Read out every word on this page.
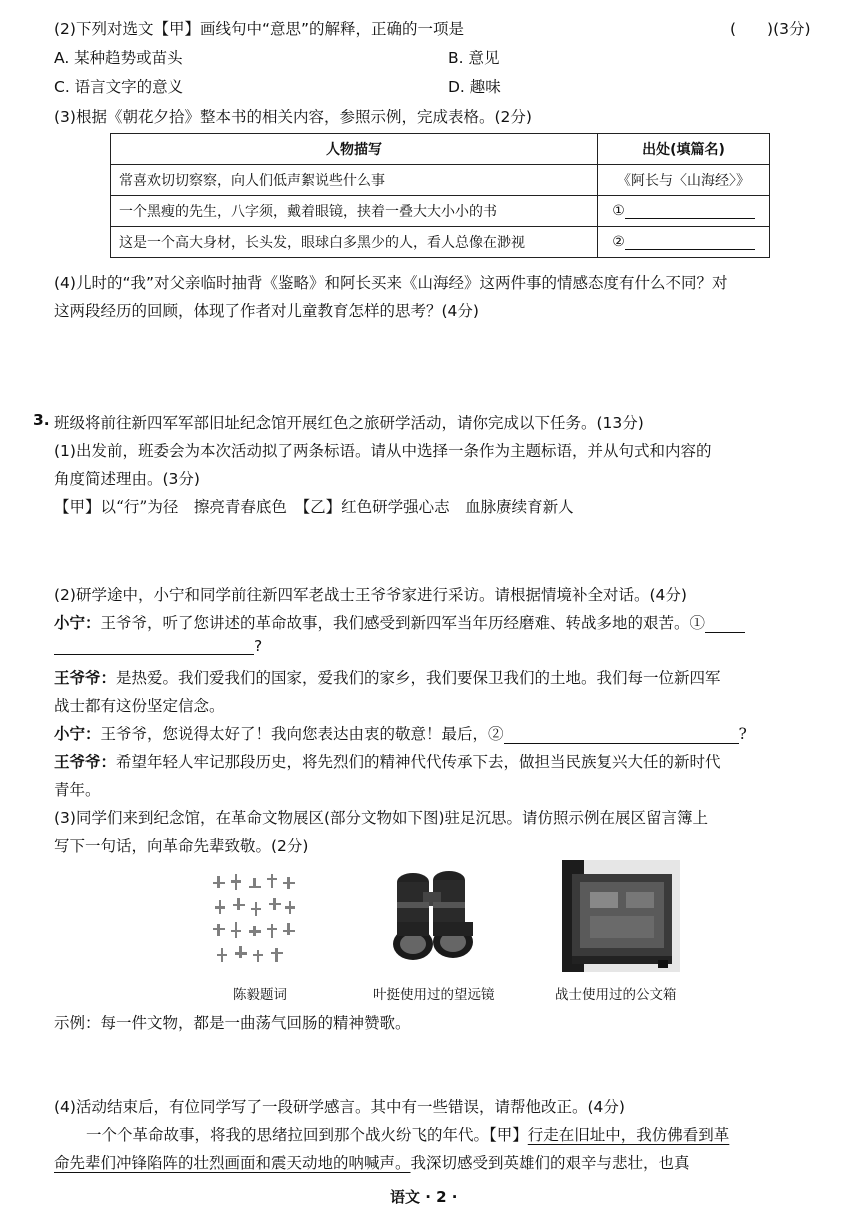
(2)下列对选文【甲】画线句中“意思”的解释，正确的一项是	(　　)(3分)
A. 某种趋势或苗头	B. 意见
C. 语言文字的意义	D. 趣味
(3)根据《朝花夕拾》整本书的相关内容，参照示例，完成表格。(2分)
人物描写	出处(填篇名)
常喜欢切切察察，向人们低声絮说些什么事	《阿长与〈山海经〉》
一个黑瘦的先生，八字须，戴着眼镜，挟着一叠大大小小的书	①
这是一个高大身材，长头发，眼球白多黑少的人，看人总像在渺视	②
(4)儿时的“我”对父亲临时抽背《鉴略》和阿长买来《山海经》这两件事的情感态度有什么不同？对
这两段经历的回顾，体现了作者对儿童教育怎样的思考？(4分)
3. 班级将前往新四军军部旧址纪念馆开展红色之旅研学活动，请你完成以下任务。(13分)
(1)出发前，班委会为本次活动拟了两条标语。请从中选择一条作为主题标语，并从句式和内容的
角度简述理由。(3分)
【甲】以“行”为径　擦亮青春底色　【乙】红色研学强心志　血脉赓续育新人
(2)研学途中，小宁和同学前往新四军老战士王爷爷家进行采访。请根据情境补全对话。(4分)
小宁：王爷爷，听了您讲述的革命故事，我们感受到新四军当年历经磨难、转战多地的艰苦。①
?
王爷爷：是热爱。我们爱我们的国家，爱我们的家乡，我们要保卫我们的土地。我们每一位新四军
战士都有这份坚定信念。
小宁：王爷爷，您说得太好了！我向您表达由衷的敬意！最后，②	?
王爷爷：希望年轻人牢记那段历史，将先烈们的精神代代传承下去，做担当民族复兴大任的新时代
青年。
(3)同学们来到纪念馆，在革命文物展区(部分文物如下图)驻足沉思。请仿照示例在展区留言簿上
写下一句话，向革命先辈致敬。(2分)
陈毅题词	叶挺使用过的望远镜	战士使用过的公文箱
示例：每一件文物，都是一曲荡气回肠的精神赞歌。
(4)活动结束后，有位同学写了一段研学感言。其中有一些错误，请帮他改正。(4分)
一个个革命故事，将我的思绪拉回到那个战火纷飞的年代。【甲】行走在旧址中，我仿佛看到革
命先辈们冲锋陷阵的壮烈画面和震天动地的呐喊声。我深切感受到英雄们的艰辛与悲壮，也真
语文 · 2 ·
